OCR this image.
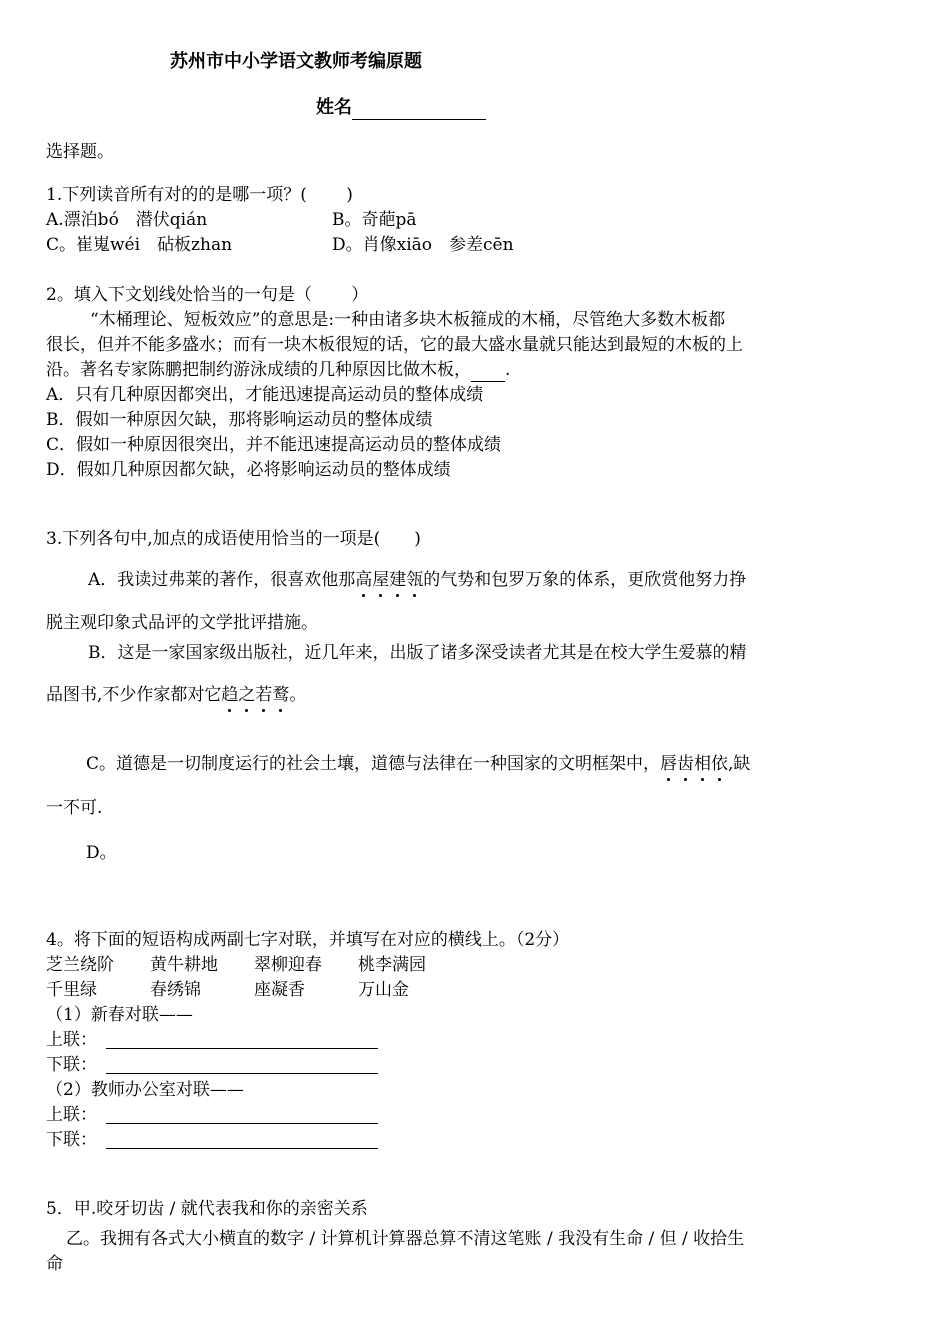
苏州市中小学语文教师考编原题
姓名
选择题。
1.下列读音所有对的的是哪一项？(　　 )
A.漂泊bó　潜伏qián	B。奇葩pā
C。崔嵬wéi　砧板zhan	D。肖像xiāo　参差cēn
2。填入下文划线处恰当的一句是（　　 ）
“木桶理论、短板效应”的意思是:一种由诸多块木板箍成的木桶，尽管绝大多数木板都
很长，但并不能多盛水；而有一块木板很短的话，它的最大盛水量就只能达到最短的木板的上
沿。著名专家陈鹏把制约游泳成绩的几种原因比做木板， .
A．只有几种原因都突出，才能迅速提高运动员的整体成绩
B．假如一种原因欠缺，那将影响运动员的整体成绩
C．假如一种原因很突出，并不能迅速提高运动员的整体成绩
D．假如几种原因都欠缺，必将影响运动员的整体成绩
3.下列各句中,加点的成语使用恰当的一项是(　　)
A．我读过弗莱的著作，很喜欢他那高屋建瓴的气势和包罗万象的体系，更欣赏他努力挣
脱主观印象式品评的文学批评措施。
B．这是一家国家级出版社，近几年来，出版了诸多深受读者尤其是在校大学生爱慕的精
品图书,不少作家都对它趋之若鹜。
C。道德是一切制度运行的社会土壤，道德与法律在一种国家的文明框架中，唇齿相依,缺
一不可.
D。
4。将下面的短语构成两副七字对联，并填写在对应的横线上。（2分）
芝兰绕阶 黄牛耕地 翠柳迎春 桃李满园
千里绿	春绣锦	座凝香	万山金
（1）新春对联——
上联：
下联：
（2）教师办公室对联——
上联：
下联：
5．甲.咬牙切齿 / 就代表我和你的亲密关系
乙。我拥有各式大小横直的数字 / 计算机计算器总算不清这笔账 / 我没有生命 / 但 / 收拾生
命
